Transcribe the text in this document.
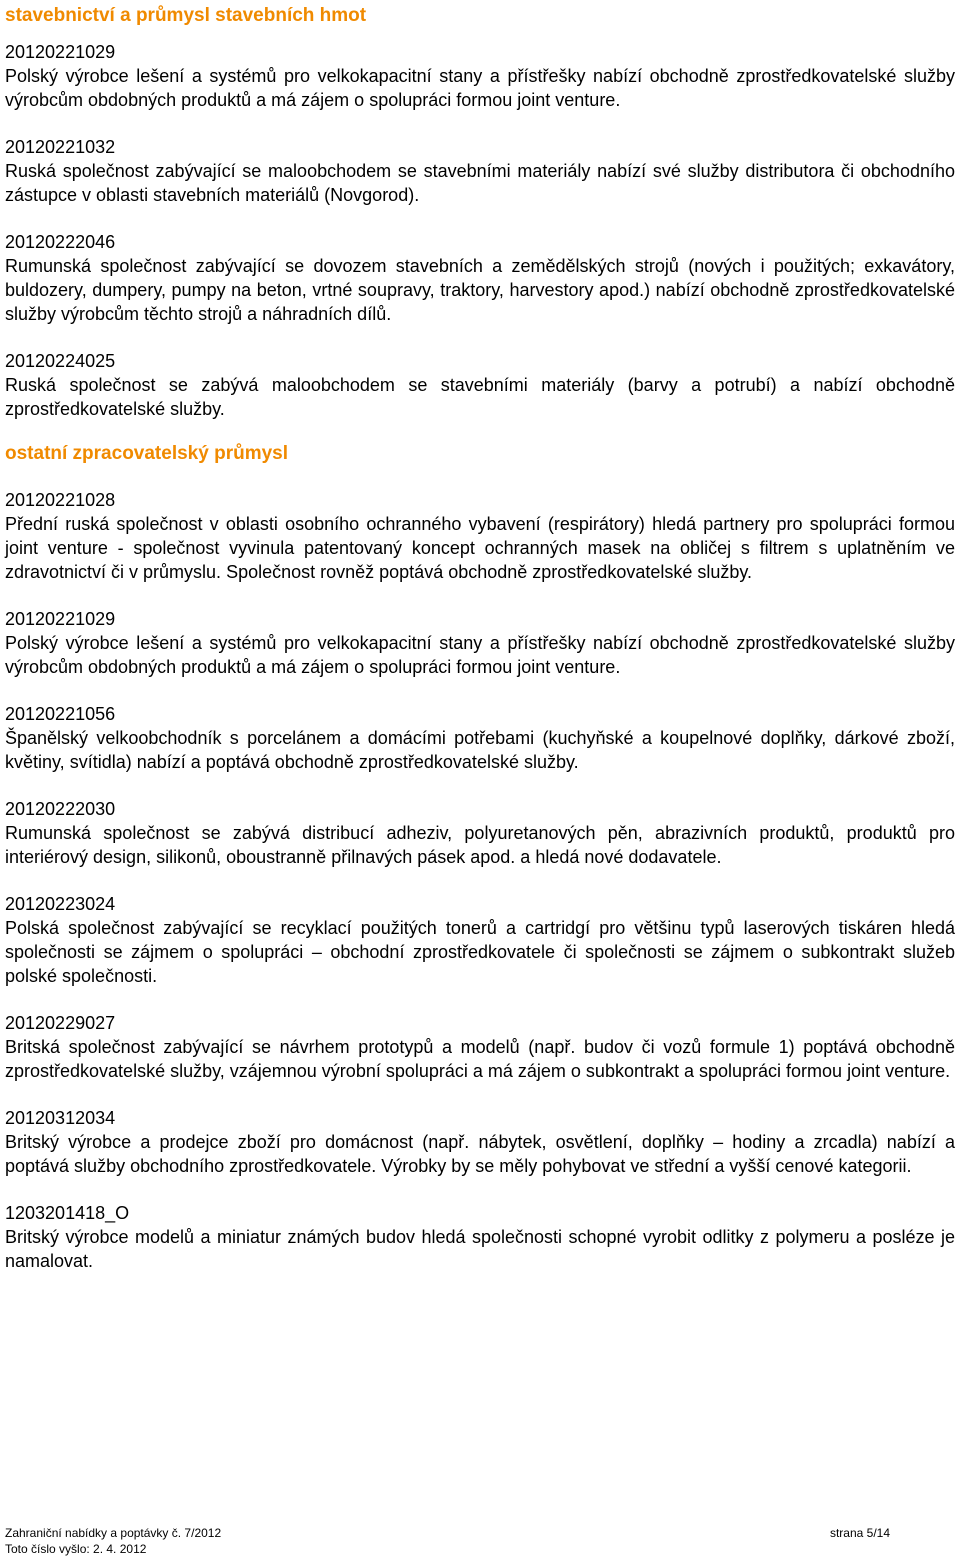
stavebnictví a průmysl stavebních hmot
20120221029
Polský výrobce lešení a systémů pro velkokapacitní stany a přístřešky nabízí obchodně zprostředkovatelské služby výrobcům obdobných produktů a má zájem o spolupráci formou joint venture.
20120221032
Ruská společnost zabývající se maloobchodem se stavebními materiály nabízí své služby distributora či obchodního zástupce v oblasti stavebních materiálů (Novgorod).
20120222046
Rumunská společnost zabývající se dovozem stavebních a zemědělských strojů (nových i použitých; exkavátory, buldozery, dumpery, pumpy na beton, vrtné soupravy, traktory, harvestory apod.) nabízí obchodně zprostředkovatelské služby výrobcům těchto strojů a náhradních dílů.
20120224025
Ruská společnost se zabývá maloobchodem se stavebními materiály (barvy a potrubí) a nabízí obchodně zprostředkovatelské služby.
ostatní zpracovatelský průmysl
20120221028
Přední ruská společnost v oblasti osobního ochranného vybavení (respirátory) hledá partnery pro spolupráci formou joint venture - společnost vyvinula patentovaný koncept ochranných masek na obličej s filtrem s uplatněním ve zdravotnictví či v průmyslu. Společnost rovněž poptává obchodně zprostředkovatelské služby.
20120221029
Polský výrobce lešení a systémů pro velkokapacitní stany a přístřešky nabízí obchodně zprostředkovatelské služby výrobcům obdobných produktů a má zájem o spolupráci formou joint venture.
20120221056
Španělský velkoobchodník s porcelánem a domácími potřebami (kuchyňské a koupelnové doplňky, dárkové zboží, květiny, svítidla) nabízí a poptává obchodně zprostředkovatelské služby.
20120222030
Rumunská společnost se zabývá distribucí adheziv, polyuretanových pěn, abrazivních produktů, produktů pro interiérový design, silikonů, oboustranně přilnavých pásek apod. a hledá nové dodavatele.
20120223024
Polská společnost zabývající se recyklací použitých tonerů a cartridgí pro většinu typů laserových tiskáren hledá společnosti se zájmem o spolupráci – obchodní zprostředkovatele či společnosti se zájmem o subkontrakt služeb polské společnosti.
20120229027
Britská společnost zabývající se návrhem prototypů a modelů (např. budov či vozů formule 1) poptává obchodně zprostředkovatelské služby, vzájemnou výrobní spolupráci a má zájem o subkontrakt a spolupráci formou joint venture.
20120312034
Britský výrobce a prodejce zboží pro domácnost (např. nábytek, osvětlení, doplňky – hodiny a zrcadla) nabízí a poptává služby obchodního zprostředkovatele. Výrobky by se měly pohybovat ve střední a vyšší cenové kategorii.
1203201418_O
Britský výrobce modelů a miniatur známých budov hledá společnosti schopné vyrobit odlitky z polymeru a posléze je namalovat.
Zahraniční nabídky a poptávky č. 7/2012	strana 5/14
Toto číslo vyšlo: 2. 4. 2012
